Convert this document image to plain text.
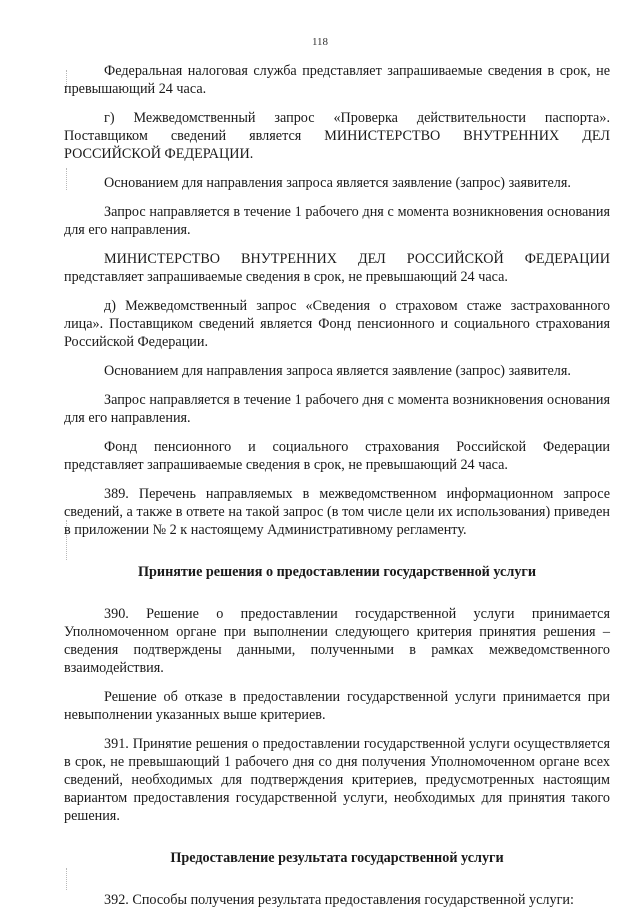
118

Федеральная налоговая служба представляет запрашиваемые сведения в срок, не превышающий 24 часа.

г) Межведомственный запрос «Проверка действительности паспорта». Поставщиком сведений является МИНИСТЕРСТВО ВНУТРЕННИХ ДЕЛ РОССИЙСКОЙ ФЕДЕРАЦИИ.

Основанием для направления запроса является заявление (запрос) заявителя.

Запрос направляется в течение 1 рабочего дня с момента возникновения основания для его направления.

МИНИСТЕРСТВО ВНУТРЕННИХ ДЕЛ РОССИЙСКОЙ ФЕДЕРАЦИИ представляет запрашиваемые сведения в срок, не превышающий 24 часа.

д) Межведомственный запрос «Сведения о страховом стаже застрахованного лица». Поставщиком сведений является Фонд пенсионного и социального страхования Российской Федерации.

Основанием для направления запроса является заявление (запрос) заявителя.

Запрос направляется в течение 1 рабочего дня с момента возникновения основания для его направления.

Фонд пенсионного и социального страхования Российской Федерации представляет запрашиваемые сведения в срок, не превышающий 24 часа.

389. Перечень направляемых в межведомственном информационном запросе сведений, а также в ответе на такой запрос (в том числе цели их использования) приведен в приложении № 2 к настоящему Административному регламенту.

Принятие решения о предоставлении государственной услуги

390. Решение о предоставлении государственной услуги принимается Уполномоченном органе при выполнении следующего критерия принятия решения – сведения подтверждены данными, полученными в рамках межведомственного взаимодействия.

Решение об отказе в предоставлении государственной услуги принимается при невыполнении указанных выше критериев.

391. Принятие решения о предоставлении государственной услуги осуществляется в срок, не превышающий 1 рабочего дня со дня получения Уполномоченном органе всех сведений, необходимых для подтверждения критериев, предусмотренных настоящим вариантом предоставления государственной услуги, необходимых для принятия такого решения.

Предоставление результата государственной услуги

392. Способы получения результата предоставления государственной услуги:
